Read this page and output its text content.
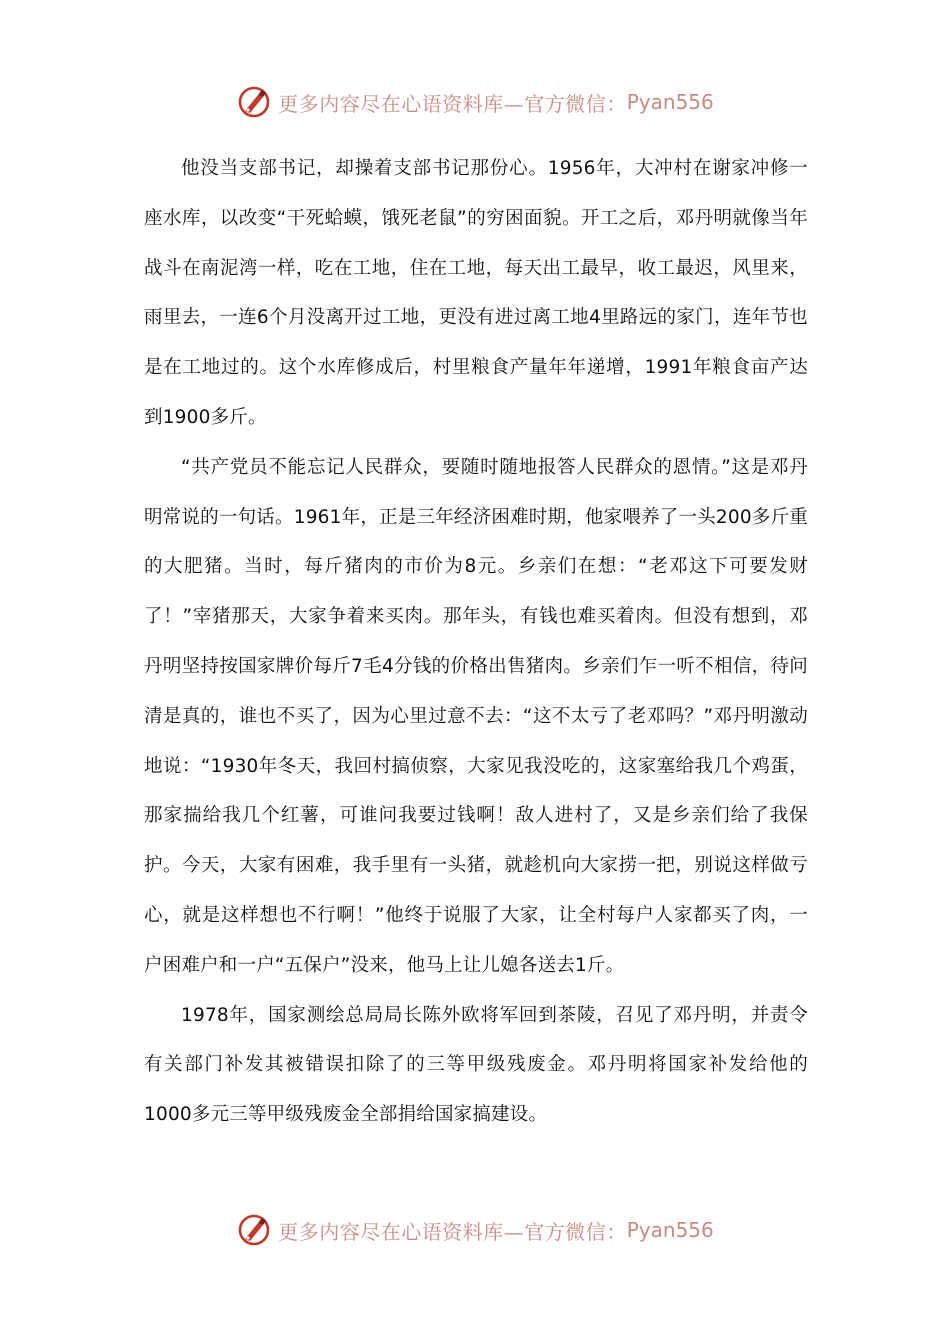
更多内容尽在心语资料库—官方微信： Pyan556

他没当支部书记，却操着支部书记那份心。1956年，大冲村在谢家冲修一座水库，以改变“干死蛤蟆，饿死老鼠”的穷困面貌。开工之后，邓丹明就像当年战斗在南泥湾一样，吃在工地，住在工地，每天出工最早，收工最迟，风里来，雨里去，一连6个月没离开过工地，更没有进过离工地4里路远的家门，连年节也是在工地过的。这个水库修成后，村里粮食产量年年递增，1991年粮食亩产达到1900多斤。

“共产党员不能忘记人民群众，要随时随地报答人民群众的恩情。”这是邓丹明常说的一句话。1961年，正是三年经济困难时期，他家喂养了一头200多斤重的大肥猪。当时，每斤猪肉的市价为8元。乡亲们在想：“老邓这下可要发财了！”宰猪那天，大家争着来买肉。那年头，有钱也难买着肉。但没有想到，邓丹明坚持按国家牌价每斤7毛4分钱的价格出售猪肉。乡亲们乍一听不相信，待问清是真的，谁也不买了，因为心里过意不去：“这不太亏了老邓吗？”邓丹明激动地说：“1930年冬天，我回村搞侦察，大家见我没吃的，这家塞给我几个鸡蛋，那家揣给我几个红薯，可谁问我要过钱啊！敌人进村了，又是乡亲们给了我保护。今天，大家有困难，我手里有一头猪，就趁机向大家捞一把，别说这样做亏心，就是这样想也不行啊！”他终于说服了大家，让全村每户人家都买了肉，一户困难户和一户“五保户”没来，他马上让儿媳各送去1斤。

1978年，国家测绘总局局长陈外欧将军回到茶陵，召见了邓丹明，并责令有关部门补发其被错误扣除了的三等甲级残废金。邓丹明将国家补发给他的1000多元三等甲级残废金全部捐给国家搞建设。

更多内容尽在心语资料库—官方微信： Pyan556
